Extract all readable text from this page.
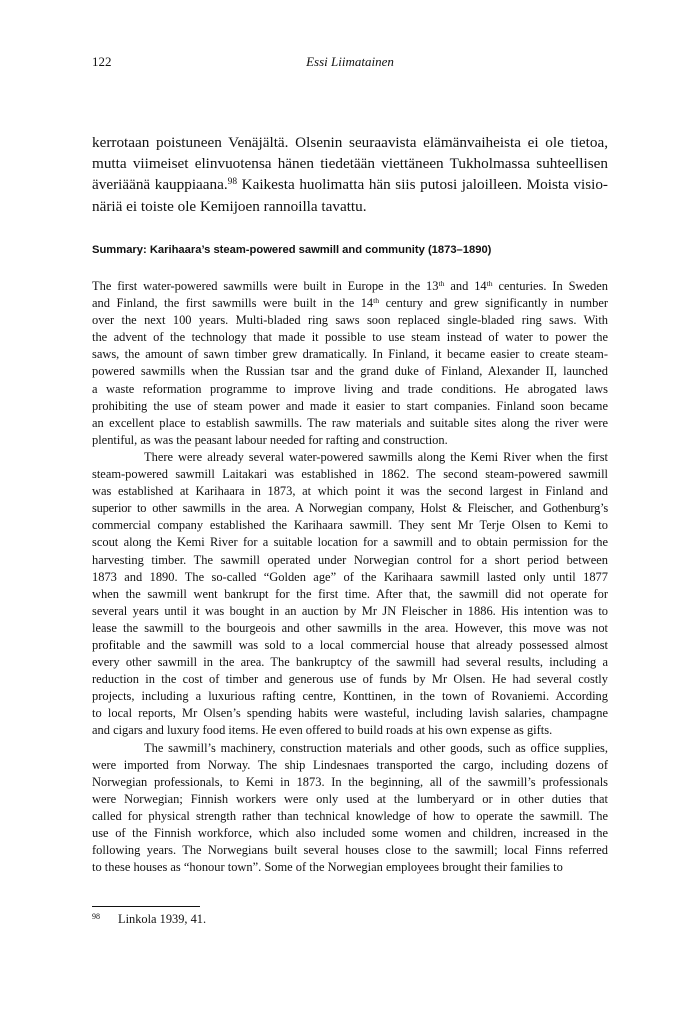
122	Essi Liimatainen
kerrotaan poistuneen Venäjältä. Olsenin seuraavista elämänvaiheista ei ole tietoa,
mutta viimeiset elinvuotensa hänen tiedetään viettäneen Tukholmassa suhteellisen
äveriäänä kauppiaana.$^{98}$ Kaikesta huolimatta hän siis putosi jaloilleen. Moista visio-
näriä ei toiste ole Kemijoen rannoilla tavattu.
Summary: Karihaara’s steam-powered sawmill and community (1873–1890)

The first water-powered sawmills were built in Europe in the 13th and 14th centuries. In Sweden
and Finland, the first sawmills were built in the 14th century and grew significantly in number
over the next 100 years. Multi-bladed ring saws soon replaced single-bladed ring saws. With
the advent of the technology that made it possible to use steam instead of water to power the
saws, the amount of sawn timber grew dramatically. In Finland, it became easier to create steam-
powered sawmills when the Russian tsar and the grand duke of Finland, Alexander II, launched
a waste reformation programme to improve living and trade conditions. He abrogated laws
prohibiting the use of steam power and made it easier to start companies. Finland soon became
an excellent place to establish sawmills. The raw materials and suitable sites along the river were
plentiful, as was the peasant labour needed for rafting and construction.

There were already several water-powered sawmills along the Kemi River when the first
steam-powered sawmill Laitakari was established in 1862. The second steam-powered sawmill
was established at Karihaara in 1873, at which point it was the second largest in Finland and
superior to other sawmills in the area. A Norwegian company, Holst & Fleischer, and Gothenburg’s
commercial company established the Karihaara sawmill. They sent Mr Terje Olsen to Kemi to
scout along the Kemi River for a suitable location for a sawmill and to obtain permission for the
harvesting timber. The sawmill operated under Norwegian control for a short period between
1873 and 1890. The so-called “Golden age” of the Karihaara sawmill lasted only until 1877
when the sawmill went bankrupt for the first time. After that, the sawmill did not operate for
several years until it was bought in an auction by Mr JN Fleischer in 1886. His intention was to
lease the sawmill to the bourgeois and other sawmills in the area. However, this move was not
profitable and the sawmill was sold to a local commercial house that already possessed almost
every other sawmill in the area. The bankruptcy of the sawmill had several results, including a
reduction in the cost of timber and generous use of funds by Mr Olsen. He had several costly
projects, including a luxurious rafting centre, Konttinen, in the town of Rovaniemi. According
to local reports, Mr Olsen’s spending habits were wasteful, including lavish salaries, champagne
and cigars and luxury food items. He even offered to build roads at his own expense as gifts.

The sawmill’s machinery, construction materials and other goods, such as office supplies,
were imported from Norway. The ship Lindesnaes transported the cargo, including dozens of
Norwegian professionals, to Kemi in 1873. In the beginning, all of the sawmill’s professionals
were Norwegian; Finnish workers were only used at the lumberyard or in other duties that
called for physical strength rather than technical knowledge of how to operate the sawmill. The
use of the Finnish workforce, which also included some women and children, increased in the
following years. The Norwegians built several houses close to the sawmill; local Finns referred
to these houses as “honour town”. Some of the Norwegian employees brought their families to

98 Linkola 1939, 41.
